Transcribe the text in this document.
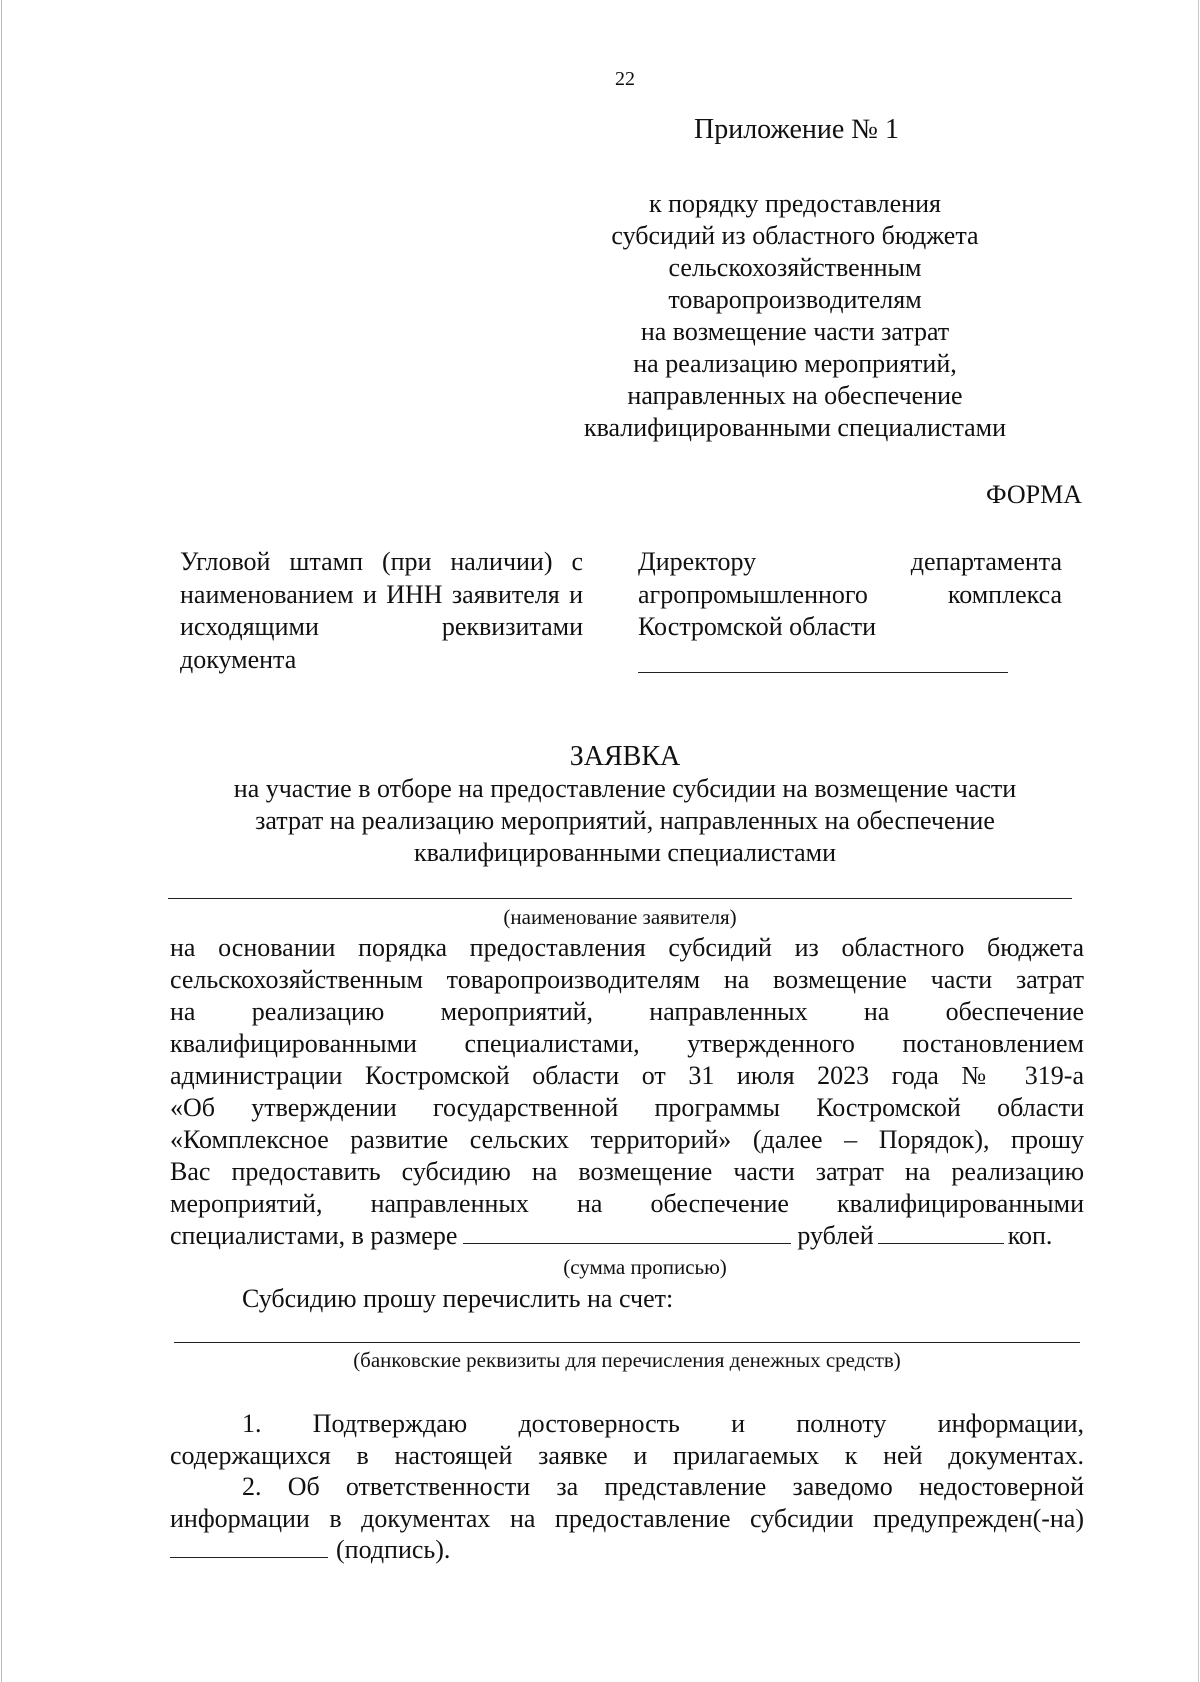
22
Приложение № 1
к порядку предоставления
субсидий из областного бюджета
сельскохозяйственным
товаропроизводителям
на возмещение части затрат
на реализацию мероприятий,
направленных на обеспечение
квалифицированными специалистами
ФОРМА
Угловой штамп (при наличии) с наименованием и ИНН заявителя и исходящими реквизитами документа
Директору департамента
агропромышленного комплекса
Костромской области
ЗАЯВКА
на участие в отборе на предоставление субсидии на возмещение части
затрат на реализацию мероприятий, направленных на обеспечение
квалифицированными специалистами
(наименование заявителя)
на основании порядка предоставления субсидий из областного бюджета
сельскохозяйственным товаропроизводителям на возмещение части затрат
на реализацию мероприятий, направленных на обеспечение
квалифицированными специалистами, утвержденного постановлением
администрации Костромской области от 31 июля 2023 года № 319-а
«Об утверждении государственной программы Костромской области
«Комплексное развитие сельских территорий» (далее – Порядок), прошу
Вас предоставить субсидию на возмещение части затрат на реализацию
мероприятий, направленных на обеспечение квалифицированными
специалистами, в размере	рублей	коп.
(сумма прописью)
Субсидию прошу перечислить на счет:
(банковские реквизиты для перечисления денежных средств)
1. Подтверждаю достоверность и полноту информации,
содержащихся в настоящей заявке и прилагаемых к ней документах.
2. Об ответственности за представление заведомо недостоверной
информации в документах на предоставление субсидии предупрежден(-на)
(подпись).
